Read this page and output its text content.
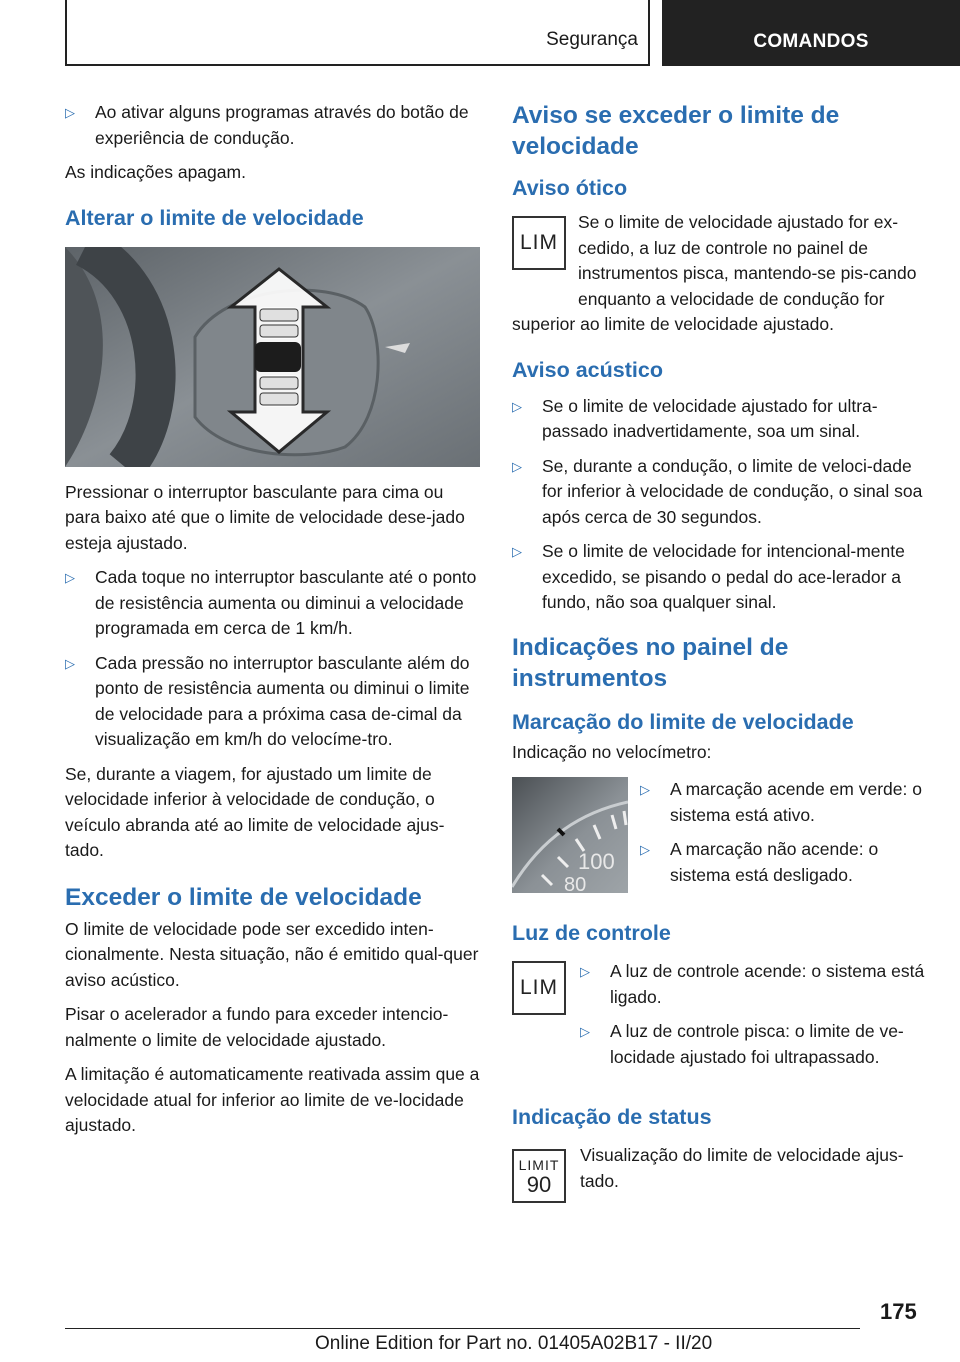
Segurança	COMANDOS
▷ Ao ativar alguns programas através do botão de experiência de condução.

As indicações apagam.

Alterar o limite de velocidade

Pressionar o interruptor basculante para cima ou para baixo até que o limite de velocidade dese-jado esteja ajustado.

▷ Cada toque no interruptor basculante até o ponto de resistência aumenta ou diminui a velocidade programada em cerca de 1 km/h.
▷ Cada pressão no interruptor basculante além do ponto de resistência aumenta ou diminui o limite de velocidade para a próxima casa de-cimal da visualização em km/h do velocíme-tro.

Se, durante a viagem, for ajustado um limite de velocidade inferior à velocidade de condução, o veículo abranda até ao limite de velocidade ajus-tado.

Exceder o limite de velocidade

O limite de velocidade pode ser excedido inten-cionalmente. Nesta situação, não é emitido qual-quer aviso acústico.

Pisar o acelerador a fundo para exceder intencio-nalmente o limite de velocidade ajustado.

A limitação é automaticamente reativada assim que a velocidade atual for inferior ao limite de ve-locidade ajustado.

Aviso se exceder o limite de velocidade
Aviso ótico
LIM

Se o limite de velocidade ajustado for ex-cedido, a luz de controle no painel de instrumentos pisca, mantendo-se pis-cando enquanto a velocidade de condução for superior ao limite de velocidade ajustado.

Aviso acústico
▷ Se o limite de velocidade ajustado for ultra-passado inadvertidamente, soa um sinal.
▷ Se, durante a condução, o limite de veloci-dade for inferior à velocidade de condução, o sinal soa após cerca de 30 segundos.
▷ Se o limite de velocidade for intencional-mente excedido, se pisando o pedal do ace-lerador a fundo, não soa qualquer sinal.
Indicações no painel de instrumentos
Marcação do limite de velocidade

Indicação no velocímetro:

100
80
▷ A marcação acende em verde: o sistema está ativo.
▷ A marcação não acende: o sistema está desligado.
Luz de controle
LIM
▷ A luz de controle acende: o sistema está ligado.
▷ A luz de controle pisca: o limite de ve-locidade ajustado foi ultrapassado.
Indicação de status
LIMIT
90

Visualização do limite de velocidade ajus-tado.

175
Online Edition for Part no. 01405A02B17 - II/20
